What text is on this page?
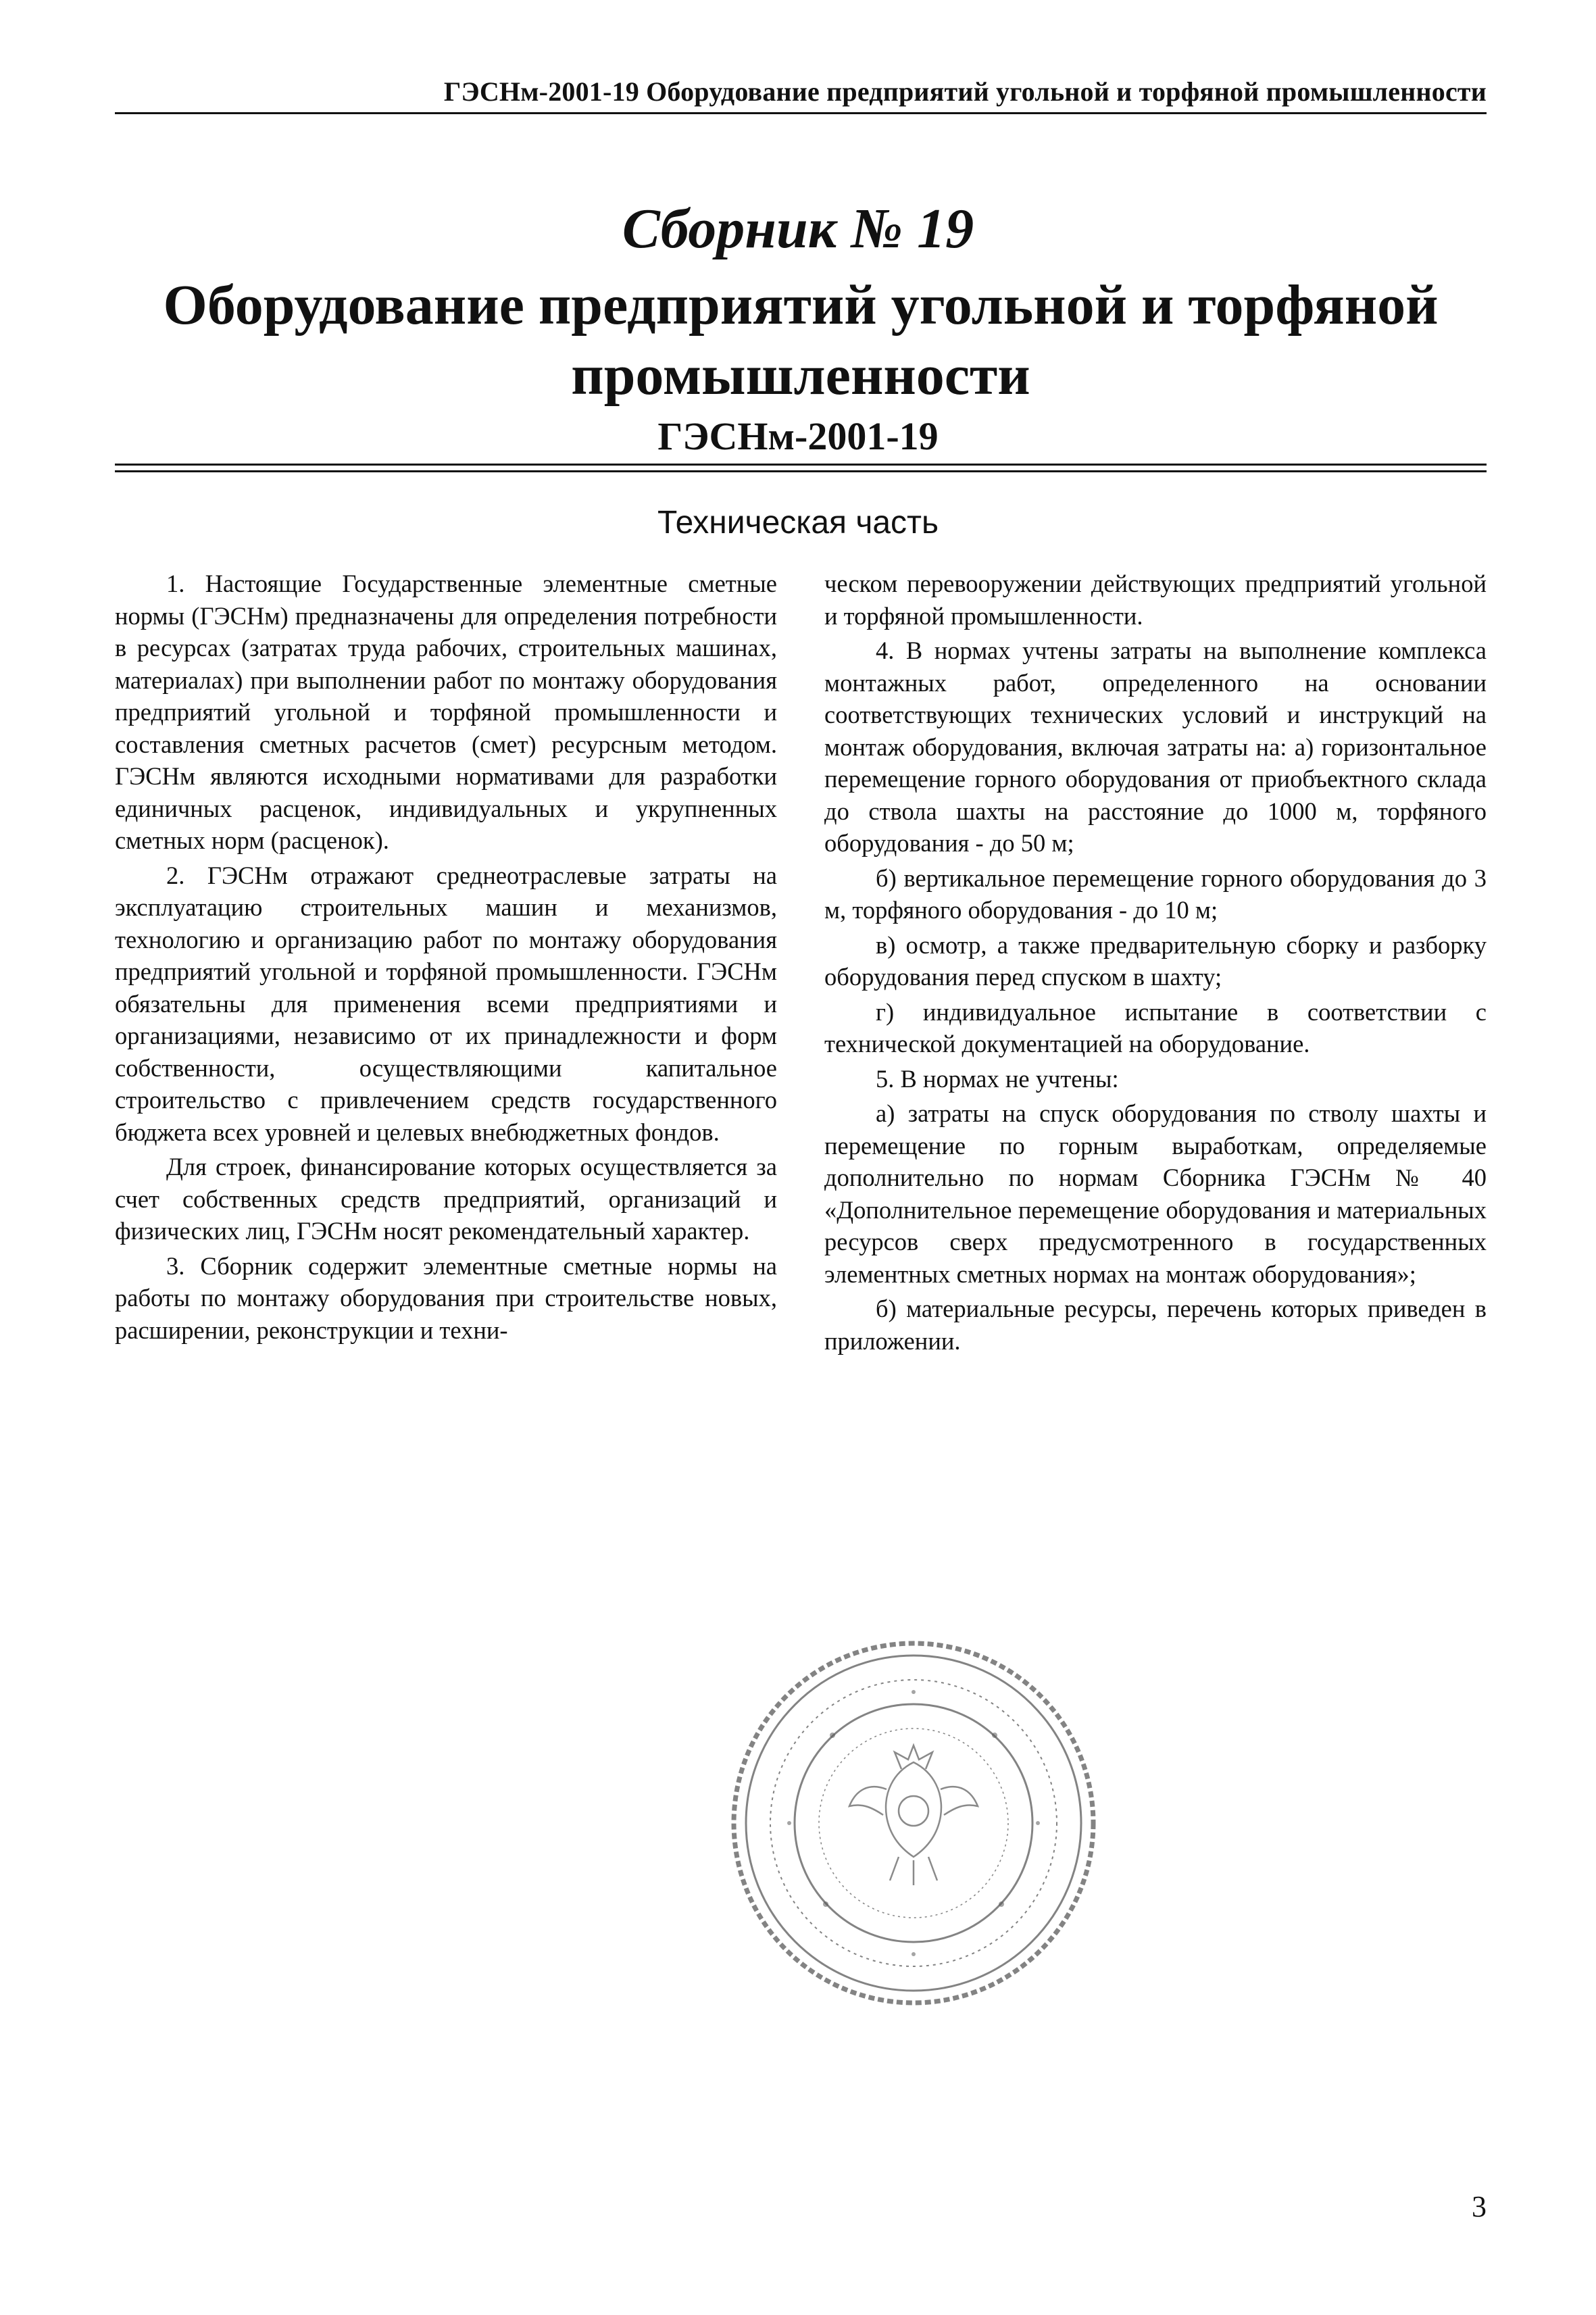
ГЭСНм-2001-19 Оборудование предприятий угольной и торфяной промышленности
Сборник № 19
Оборудование предприятий угольной и торфяной промышленности
ГЭСНм-2001-19
Техническая часть

1. Настоящие Государственные элементные сметные нормы (ГЭСНм) предназначены для определения потребности в ресурсах (затратах труда рабочих, строительных машинах, материалах) при выполнении работ по монтажу оборудования предприятий угольной и торфяной промышленности и составления сметных расчетов (смет) ресурсным методом. ГЭСНм являются исходными нормативами для разработки единичных расценок, индивидуальных и укрупненных сметных норм (расценок).

2. ГЭСНм отражают среднеотраслевые затраты на эксплуатацию строительных машин и механизмов, технологию и организацию работ по монтажу оборудования предприятий угольной и торфяной промышленности. ГЭСНм обязательны для применения всеми предприятиями и организациями, независимо от их принадлежности и форм собственности, осуществляющими капитальное строительство с привлечением средств государственного бюджета всех уровней и целевых внебюджетных фондов.

Для строек, финансирование которых осуществляется за счет собственных средств предприятий, организаций и физических лиц, ГЭСНм носят рекомендательный характер.

3. Сборник содержит элементные сметные нормы на работы по монтажу оборудования при строительстве новых, расширении, реконструкции и техни-

ческом перевооружении действующих предприятий угольной и торфяной промышленности.

4. В нормах учтены затраты на выполнение комплекса монтажных работ, определенного на основании соответствующих технических условий и инструкций на монтаж оборудования, включая затраты на: а) горизонтальное перемещение горного оборудования от приобъектного склада до ствола шахты на расстояние до 1000 м, торфяного оборудования - до 50 м;

б) вертикальное перемещение горного оборудования до 3 м, торфяного оборудования - до 10 м;

в) осмотр, а также предварительную сборку и разборку оборудования перед спуском в шахту;

г) индивидуальное испытание в соответствии с технической документацией на оборудование.

5. В нормах не учтены:

а) затраты на спуск оборудования по стволу шахты и перемещение по горным выработкам, определяемые дополнительно по нормам Сборника ГЭСНм № 40 «Дополнительное перемещение оборудования и материальных ресурсов сверх предусмотренного в государственных элементных сметных нормах на монтаж оборудования»;

б) материальные ресурсы, перечень которых приведен в приложении.

3
